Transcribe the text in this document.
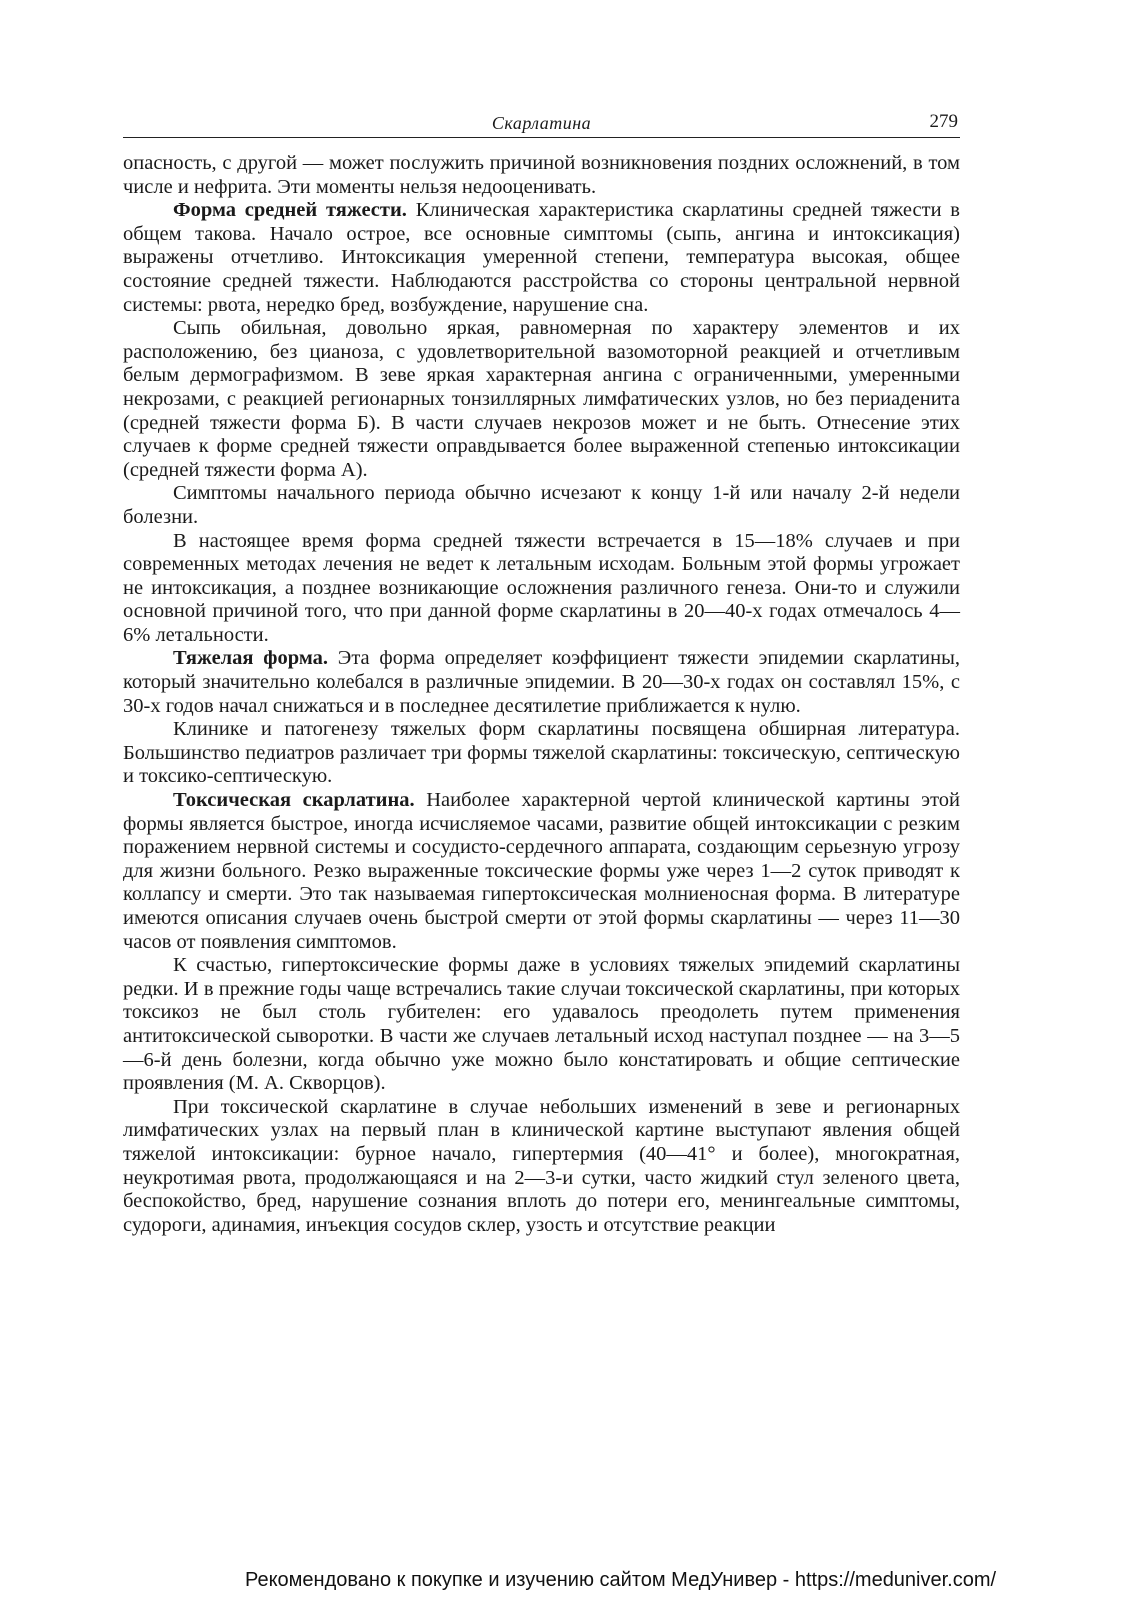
Скарлатина	279

опасность, с другой — может послужить причиной возникновения поздних осложнений, в том числе и нефрита. Эти моменты нельзя недооценивать.

Форма средней тяжести. Клиническая характеристика скарлатины средней тяжести в общем такова. Начало острое, все основные симптомы (сыпь, ангина и интоксикация) выражены отчетливо. Интоксикация умеренной степени, температура высокая, общее состояние средней тяжести. Наблюдаются расстройства со стороны центральной нервной системы: рвота, нередко бред, возбуждение, нарушение сна.

Сыпь обильная, довольно яркая, равномерная по характеру элементов и их расположению, без цианоза, с удовлетворительной вазомоторной реакцией и отчетливым белым дермографизмом. В зеве яркая характерная ангина с ограниченными, умеренными некрозами, с реакцией регионарных тонзиллярных лимфатических узлов, но без периаденита (средней тяжести форма Б). В части случаев некрозов может и не быть. Отнесение этих случаев к форме средней тяжести оправдывается более выраженной степенью интоксикации (средней тяжести форма А).

Симптомы начального периода обычно исчезают к концу 1-й или началу 2-й недели болезни.

В настоящее время форма средней тяжести встречается в 15—18% случаев и при современных методах лечения не ведет к летальным исходам. Больным этой формы угрожает не интоксикация, а позднее возникающие осложнения различного генеза. Они-то и служили основной причиной того, что при данной форме скарлатины в 20—40-х годах отмечалось 4—6% летальности.

Тяжелая форма. Эта форма определяет коэффициент тяжести эпидемии скарлатины, который значительно колебался в различные эпидемии. В 20—30-х годах он составлял 15%, с 30-х годов начал снижаться и в последнее десятилетие приближается к нулю.

Клинике и патогенезу тяжелых форм скарлатины посвящена обширная литература. Большинство педиатров различает три формы тяжелой скарлатины: токсическую, септическую и токсико-септическую.

Токсическая скарлатина. Наиболее характерной чертой клинической картины этой формы является быстрое, иногда исчисляемое часами, развитие общей интоксикации с резким поражением нервной системы и сосудисто-сердечного аппарата, создающим серьезную угрозу для жизни больного. Резко выраженные токсические формы уже через 1—2 суток приводят к коллапсу и смерти. Это так называемая гипертоксическая молниеносная форма. В литературе имеются описания случаев очень быстрой смерти от этой формы скарлатины — через 11—30 часов от появления симптомов.

К счастью, гипертоксические формы даже в условиях тяжелых эпидемий скарлатины редки. И в прежние годы чаще встречались такие случаи токсической скарлатины, при которых токсикоз не был столь губителен: его удавалось преодолеть путем применения антитоксической сыворотки. В части же случаев летальный исход наступал позднее — на 3—5—6-й день болезни, когда обычно уже можно было констатировать и общие септические проявления (М. А. Скворцов).

При токсической скарлатине в случае небольших изменений в зеве и регионарных лимфатических узлах на первый план в клинической картине выступают явления общей тяжелой интоксикации: бурное начало, гипертермия (40—41° и более), многократная, неукротимая рвота, продолжающаяся и на 2—3-и сутки, часто жидкий стул зеленого цвета, беспокойство, бред, нарушение сознания вплоть до потери его, менингеальные симптомы, судороги, адинамия, инъекция сосудов склер, узость и отсутствие реакции

Рекомендовано к покупке и изучению сайтом МедУнивер - https://meduniver.com/
